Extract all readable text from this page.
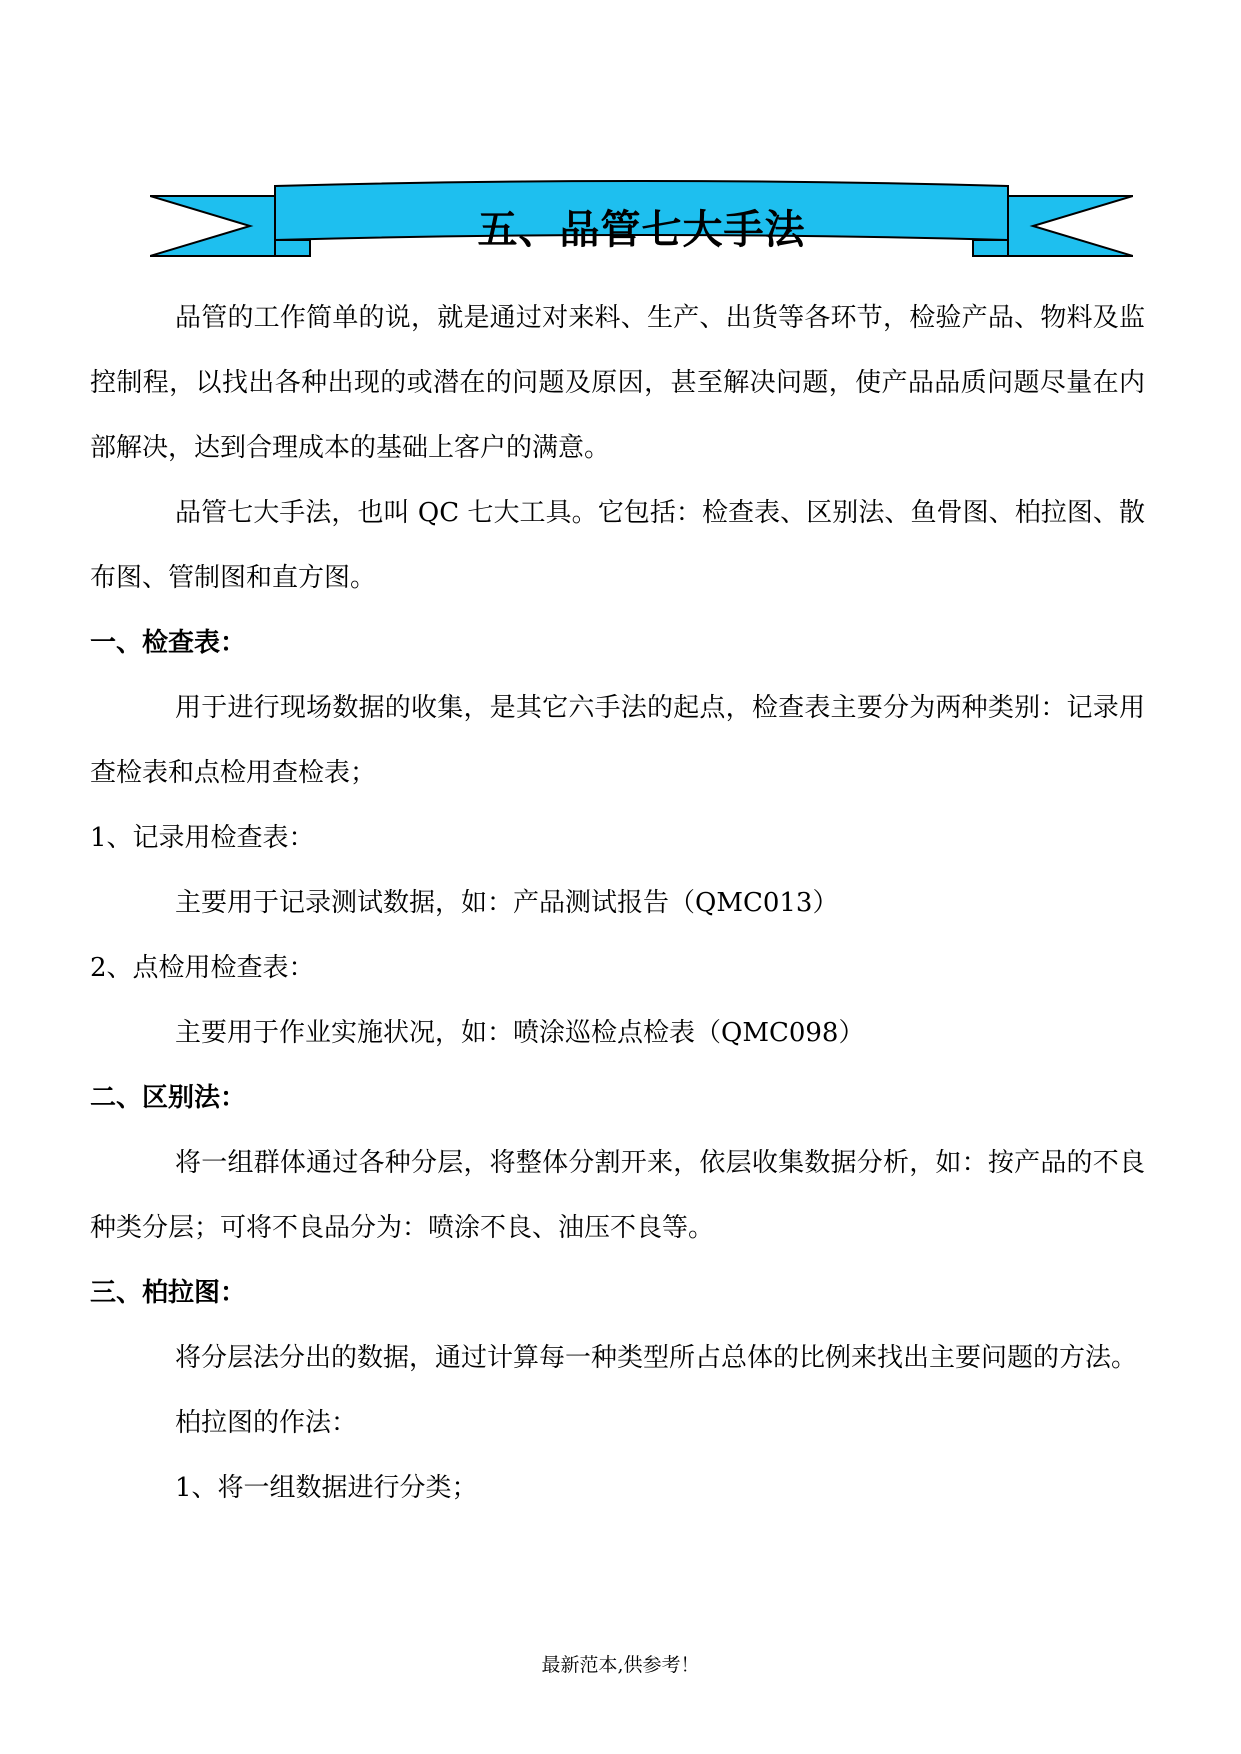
五、品管七大手法

品管的工作简单的说，就是通过对来料、生产、出货等各环节，检验产品、物料及监控制程，以找出各种出现的或潜在的问题及原因，甚至解决问题，使产品品质问题尽量在内部解决，达到合理成本的基础上客户的满意。

品管七大手法，也叫 QC 七大工具。它包括：检查表、区别法、鱼骨图、柏拉图、散布图、管制图和直方图。

一、检查表：

用于进行现场数据的收集，是其它六手法的起点，检查表主要分为两种类别：记录用查检表和点检用查检表；

1、记录用检查表：

主要用于记录测试数据，如：产品测试报告（QMC013）

2、点检用检查表：

主要用于作业实施状况，如：喷涂巡检点检表（QMC098）

二、区别法：

将一组群体通过各种分层，将整体分割开来，依层收集数据分析，如：按产品的不良种类分层；可将不良品分为：喷涂不良、油压不良等。

三、柏拉图：

将分层法分出的数据，通过计算每一种类型所占总体的比例来找出主要问题的方法。

柏拉图的作法：

1、将一组数据进行分类；

最新范本,供参考！
